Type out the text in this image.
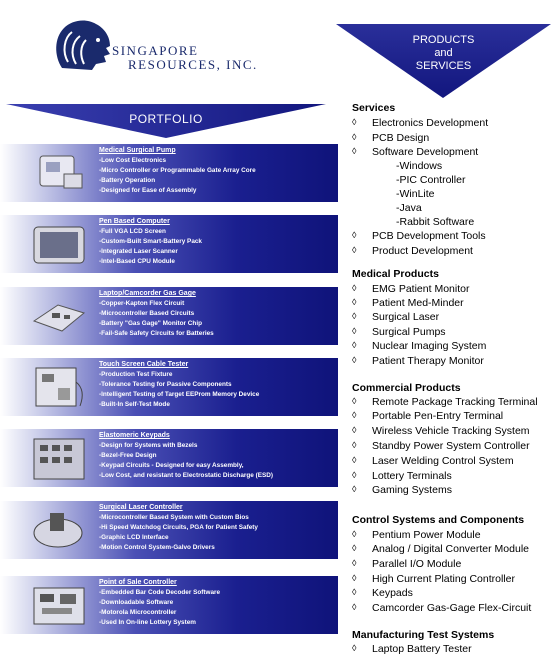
SINGAPORE
RESOURCES, INC.
PRODUCTS
and
SERVICES
PORTFOLIO
Medical Surgical Pump
-Low Cost Electronics
-Micro Controller or Programmable Gate Array Core
-Battery Operation
-Designed for Ease of Assembly
Pen Based Computer
-Full VGA LCD Screen
-Custom-Built Smart-Battery Pack
-Integrated Laser Scanner
-Intel-Based CPU Module
Laptop/Camcorder Gas Gage
-Copper-Kapton Flex Circuit
-Microcontroller Based Circuits
-Battery "Gas Gage" Monitor Chip
-Fail-Safe Safety Circuits for Batteries
Touch Screen Cable Tester
-Production Test Fixture
-Tolerance Testing for Passive Components
-Intelligent Testing of Target EEProm Memory Device
-Built-In Self-Test Mode
Elastomeric Keypads
-Design for Systems with Bezels
-Bezel-Free Design
-Keypad Circuits - Designed for easy Assembly,
-Low Cost, and resistant to Electrostatic Discharge (ESD)
Surgical Laser Controller
-Microcontroller Based System with Custom Bios
-Hi Speed Watchdog Circuits, PGA for Patient Safety
-Graphic LCD Interface
-Motion Control System-Galvo Drivers
Point of Sale Controller
-Embedded Bar Code Decoder Software
-Downloadable Software
-Motorola Microcontroller
-Used In On-line Lottery System
Services
◊ Electronics Development
◊ PCB Design
◊ Software Development
-Windows
-PIC Controller
-WinLite
-Java
-Rabbit Software
◊ PCB Development Tools
◊ Product Development
Medical Products
◊ EMG Patient Monitor
◊ Patient Med-Minder
◊ Surgical Laser
◊ Surgical Pumps
◊ Nuclear Imaging System
◊ Patient Therapy Monitor
Commercial Products
◊ Remote Package Tracking Terminal
◊ Portable Pen-Entry Terminal
◊ Wireless Vehicle Tracking System
◊ Standby Power System Controller
◊ Laser Welding Control System
◊ Lottery Terminals
◊ Gaming Systems
Control Systems and Components
◊ Pentium Power Module
◊ Analog / Digital Converter Module
◊ Parallel I/O Module
◊ High Current Plating Controller
◊ Keypads
◊ Camcorder Gas-Gage Flex-Circuit
Manufacturing Test Systems
◊ Laptop Battery Tester
